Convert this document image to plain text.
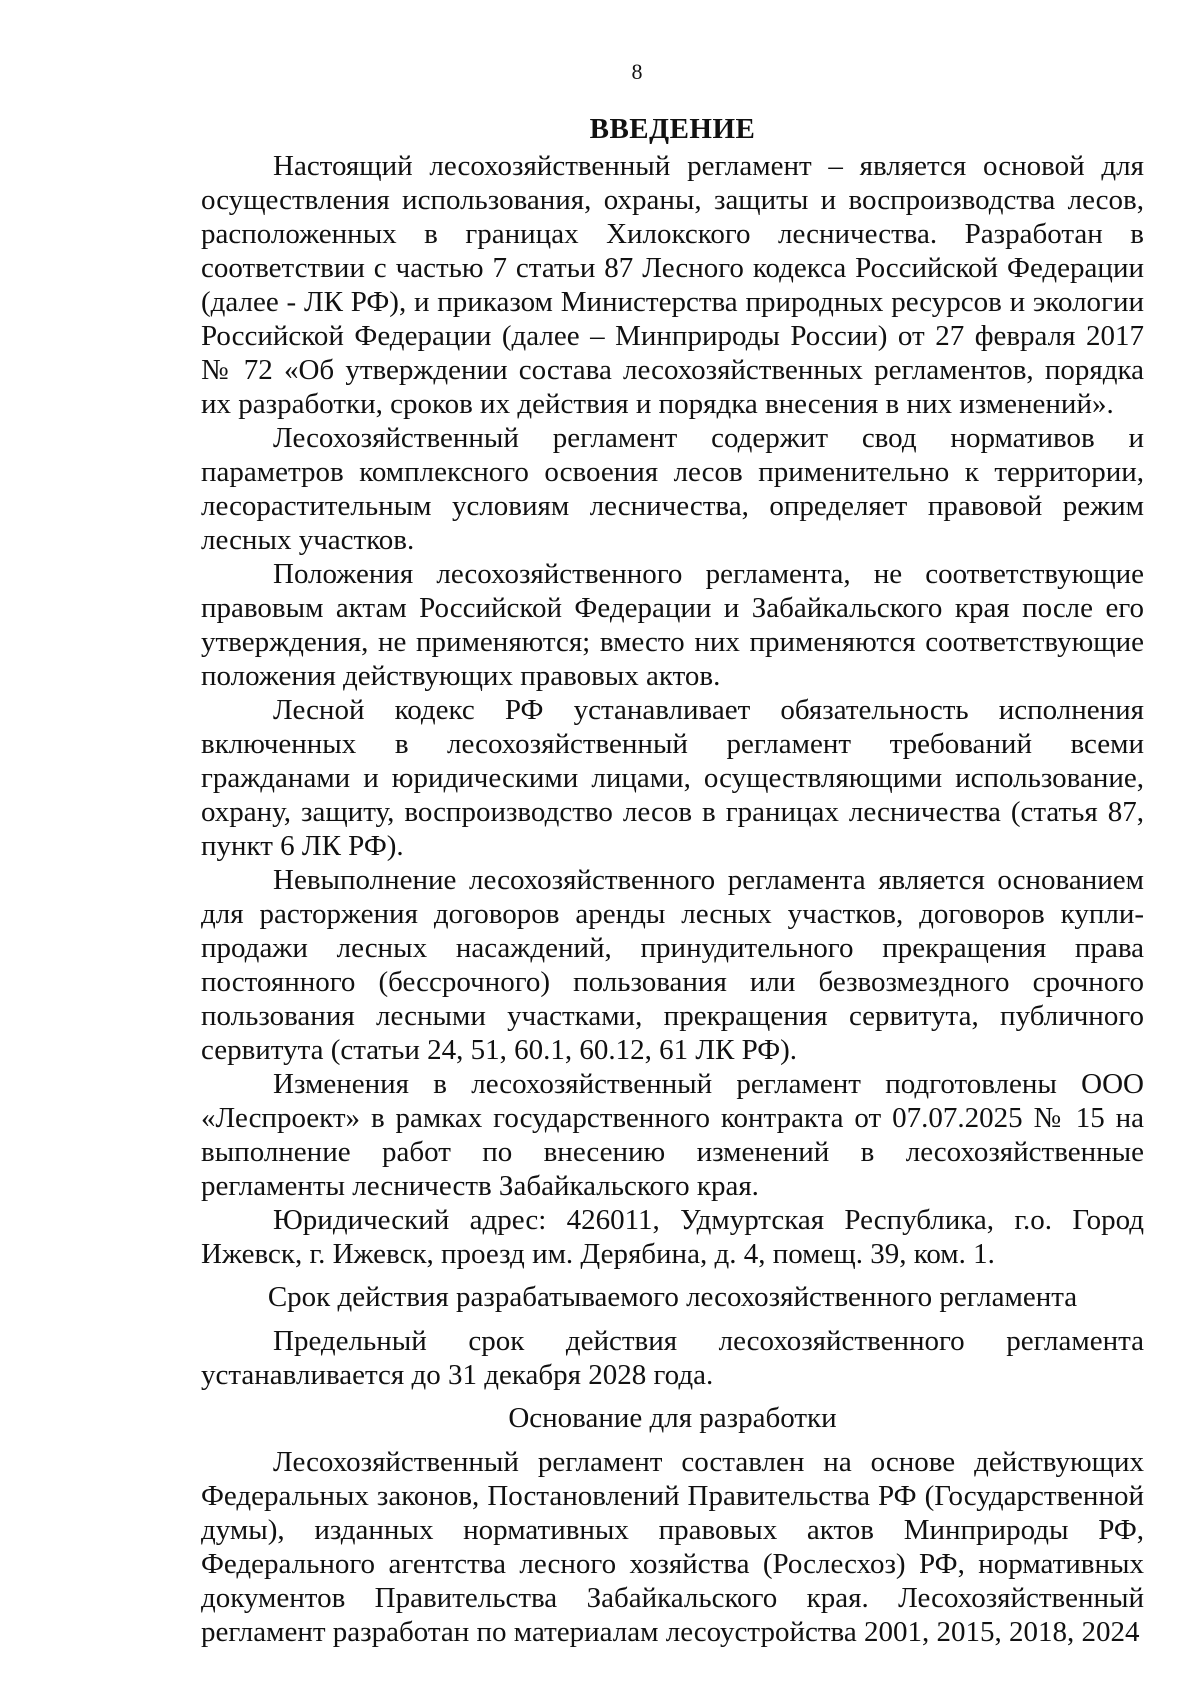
8
ВВЕДЕНИЕ

Настоящий лесохозяйственный регламент – является основой для осуществления использования, охраны, защиты и воспроизводства лесов, расположенных в границах Хилокского лесничества. Разработан в соответствии с частью 7 статьи 87 Лесного кодекса Российской Федерации (далее - ЛК РФ), и приказом Министерства природных ресурсов и экологии Российской Федерации (далее – Минприроды России) от 27 февраля 2017 № 72 «Об утверждении состава лесохозяйственных регламентов, порядка их разработки, сроков их действия и порядка внесения в них изменений».

Лесохозяйственный регламент содержит свод нормативов и параметров комплексного освоения лесов применительно к территории, лесорастительным условиям лесничества, определяет правовой режим лесных участков.

Положения лесохозяйственного регламента, не соответствующие правовым актам Российской Федерации и Забайкальского края после его утверждения, не применяются; вместо них применяются соответствующие положения действующих правовых актов.

Лесной кодекс РФ устанавливает обязательность исполнения включенных в лесохозяйственный регламент требований всеми гражданами и юридическими лицами, осуществляющими использование, охрану, защиту, воспроизводство лесов в границах лесничества (статья 87, пункт 6 ЛК РФ).

Невыполнение лесохозяйственного регламента является основанием для расторжения договоров аренды лесных участков, договоров купли-продажи лесных насаждений, принудительного прекращения права постоянного (бессрочного) пользования или безвозмездного срочного пользования лесными участками, прекращения сервитута, публичного сервитута (статьи 24, 51, 60.1, 60.12, 61 ЛК РФ).

Изменения в лесохозяйственный регламент подготовлены ООО «Леспроект» в рамках государственного контракта от 07.07.2025 № 15 на выполнение работ по внесению изменений в лесохозяйственные регламенты лесничеств Забайкальского края.

Юридический адрес: 426011, Удмуртская Республика, г.о. Город Ижевск, г. Ижевск, проезд им. Дерябина, д. 4, помещ. 39, ком. 1.

Срок действия разрабатываемого лесохозяйственного регламента

Предельный срок действия лесохозяйственного регламента устанавливается до 31 декабря 2028 года.

Основание для разработки

Лесохозяйственный регламент составлен на основе действующих Федеральных законов, Постановлений Правительства РФ (Государственной думы), изданных нормативных правовых актов Минприроды РФ, Федерального агентства лесного хозяйства (Рослесхоз) РФ, нормативных документов Правительства Забайкальского края. Лесохозяйственный регламент разработан по материалам лесоустройства 2001, 2015, 2018, 2024
